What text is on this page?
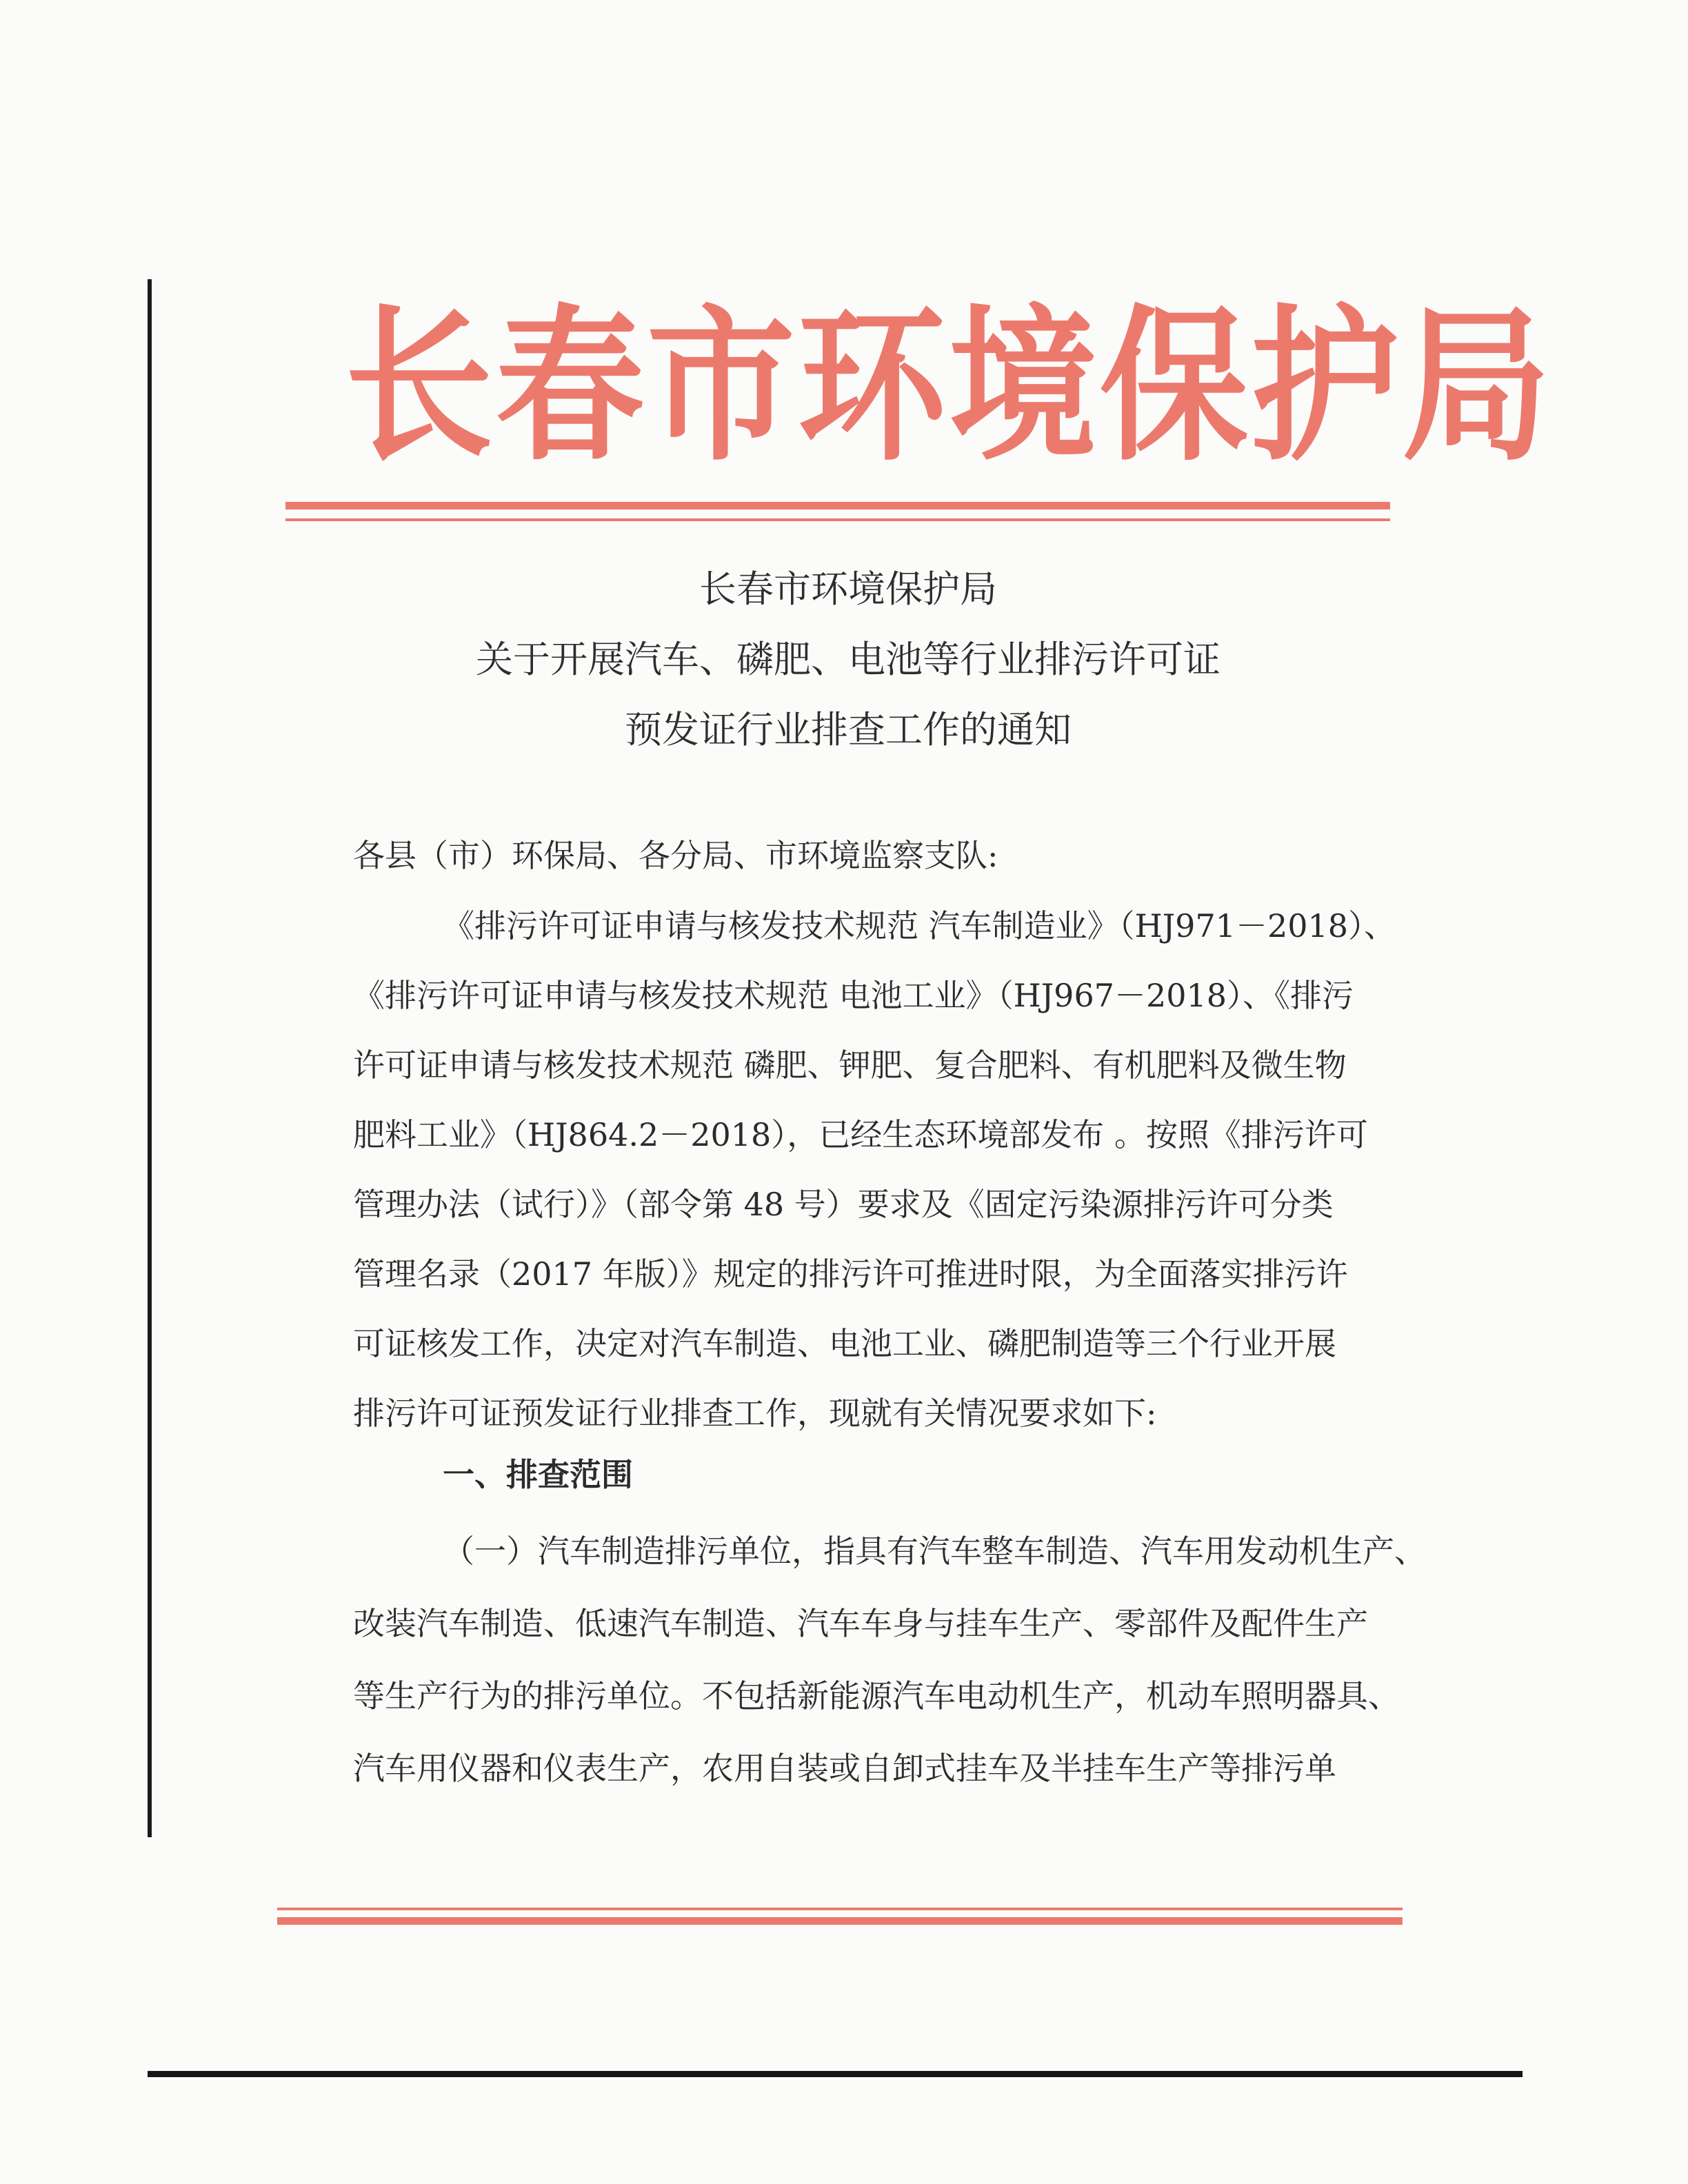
长春市环境保护局

长春市环境保护局

关于开展汽车、磷肥、电池等行业排污许可证

预发证行业排查工作的通知

各县（市）环保局、各分局、市环境监察支队:

《排污许可证申请与核发技术规范 汽车制造业》（HJ971－2018）、

《排污许可证申请与核发技术规范 电池工业》（HJ967－2018）、《排污

许可证申请与核发技术规范 磷肥、钾肥、复合肥料、有机肥料及微生物

肥料工业》（HJ864.2－2018），已经生态环境部发布 。按照《排污许可

管理办法（试行）》（部令第 48 号）要求及《固定污染源排污许可分类

管理名录（2017 年版）》规定的排污许可推进时限，为全面落实排污许

可证核发工作，决定对汽车制造、电池工业、磷肥制造等三个行业开展

排污许可证预发证行业排查工作，现就有关情况要求如下:

一、排查范围

（一）汽车制造排污单位，指具有汽车整车制造、汽车用发动机生产、

改装汽车制造、低速汽车制造、汽车车身与挂车生产、零部件及配件生产

等生产行为的排污单位。不包括新能源汽车电动机生产，机动车照明器具、

汽车用仪器和仪表生产，农用自装或自卸式挂车及半挂车生产等排污单
